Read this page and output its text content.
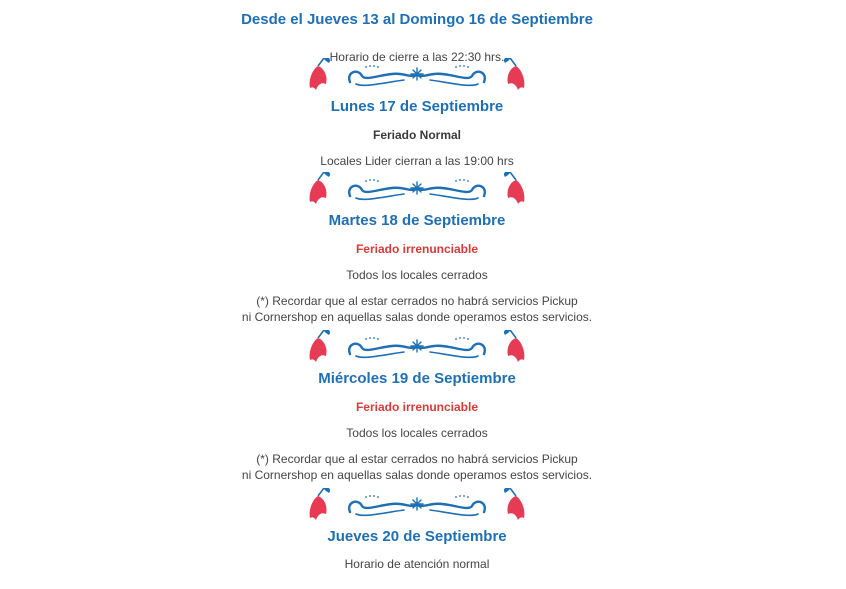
Desde el Jueves 13 al Domingo 16 de Septiembre

Horario de cierre a las 22:30 hrs.

Lunes 17 de Septiembre

Feriado Normal

Locales Lider cierran a las 19:00 hrs

Martes 18 de Septiembre

Feriado irrenunciable

Todos los locales cerrados

(*) Recordar que al estar cerrados no habrá servicios Pickup

ni Cornershop en aquellas salas donde operamos estos servicios.

Miércoles 19 de Septiembre

Feriado irrenunciable

Todos los locales cerrados

(*) Recordar que al estar cerrados no habrá servicios Pickup

ni Cornershop en aquellas salas donde operamos estos servicios.

Jueves 20 de Septiembre

Horario de atención normal
